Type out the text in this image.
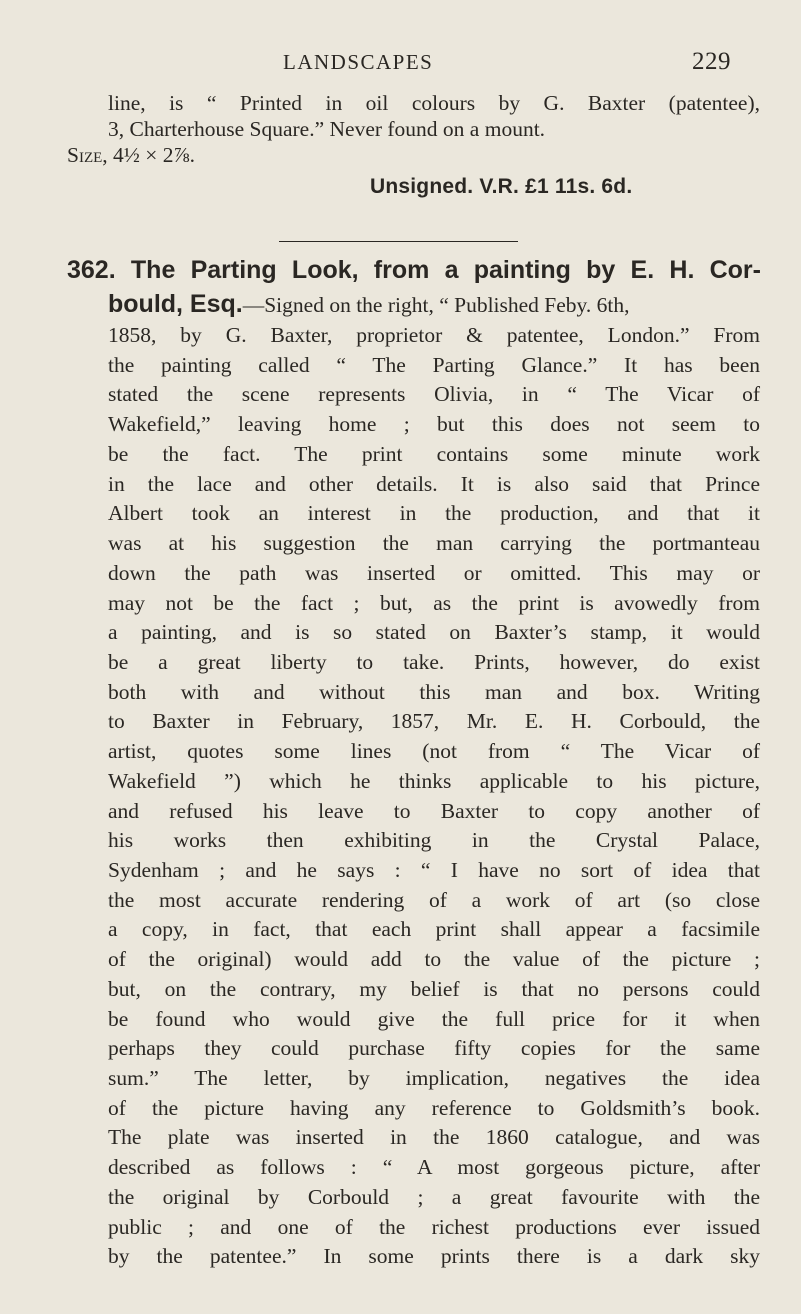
LANDSCAPES	229
line, is “ Printed in oil colours by G. Baxter (patentee),
3, Charterhouse Square.” Never found on a mount.
Size, 4½ × 2⅞.
Unsigned. V.R. £1 11s. 6d.
362. The Parting Look, from a painting by E. H. Cor-
bould, Esq.—Signed on the right, “ Published Feby. 6th,
1858, by G. Baxter, proprietor & patentee, London.” From
the painting called “ The Parting Glance.” It has been
stated the scene represents Olivia, in “ The Vicar of
Wakefield,” leaving home ; but this does not seem to
be the fact. The print contains some minute work
in the lace and other details. It is also said that Prince
Albert took an interest in the production, and that it
was at his suggestion the man carrying the portmanteau
down the path was inserted or omitted. This may or
may not be the fact ; but, as the print is avowedly from
a painting, and is so stated on Baxter’s stamp, it would
be a great liberty to take. Prints, however, do exist
both with and without this man and box. Writing
to Baxter in February, 1857, Mr. E. H. Corbould, the
artist, quotes some lines (not from “ The Vicar of
Wakefield ”) which he thinks applicable to his picture,
and refused his leave to Baxter to copy another of
his works then exhibiting in the Crystal Palace,
Sydenham ; and he says : “ I have no sort of idea that
the most accurate rendering of a work of art (so close
a copy, in fact, that each print shall appear a facsimile
of the original) would add to the value of the picture ;
but, on the contrary, my belief is that no persons could
be found who would give the full price for it when
perhaps they could purchase fifty copies for the same
sum.” The letter, by implication, negatives the idea
of the picture having any reference to Goldsmith’s book.
The plate was inserted in the 1860 catalogue, and was
described as follows : “ A most gorgeous picture, after
the original by Corbould ; a great favourite with the
public ; and one of the richest productions ever issued
by the patentee.” In some prints there is a dark sky
